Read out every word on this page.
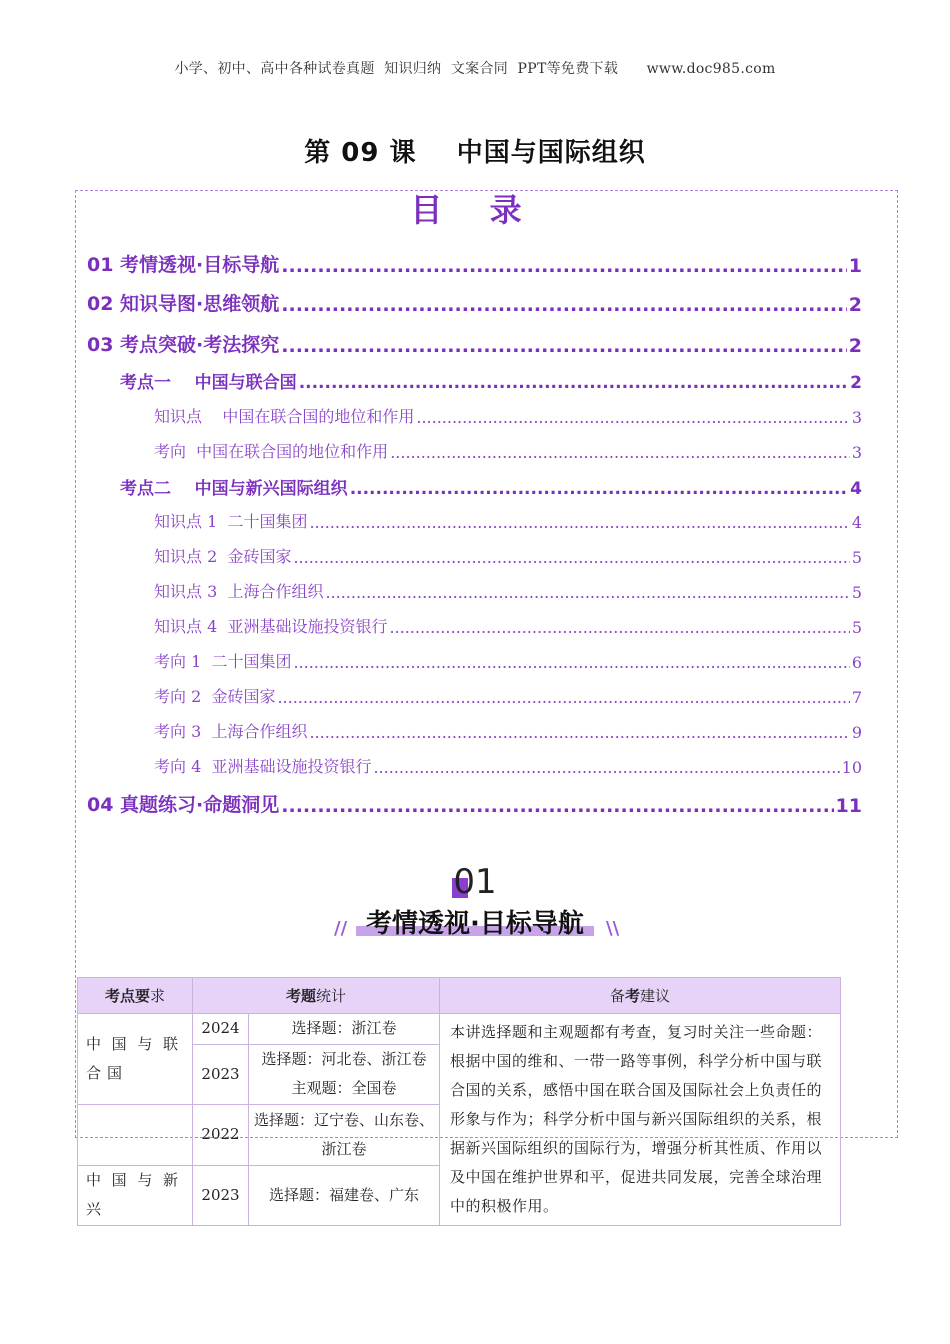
小学、初中、高中各种试卷真题  知识归纳  文案合同  PPT等免费下载      www.doc985.com
第 09 课    中国与国际组织
目 录
01 考情透视·目标导航 .....	1
02 知识导图·思维领航 .....	2
03 考点突破·考法探究 .....	2
考点一    中国与联合国 .....	2
知识点    中国在联合国的地位和作用 .....	3
考向  中国在联合国的地位和作用 .....	3
考点二    中国与新兴国际组织 .....	4
知识点 1  二十国集团 .....	4
知识点 2  金砖国家 .....	5
知识点 3  上海合作组织 .....	5
知识点 4  亚洲基础设施投资银行 .....	5
考向 1  二十国集团 .....	6
考向 2  金砖国家 .....	7
考向 3  上海合作组织 .....	9
考向 4  亚洲基础设施投资银行 .....	10
04 真题练习·命题洞见 .....	11
01
考情透视·目标导航
//	\\
考点要求	考题统计		备考建议
中国与联合国	2024	选择题：浙江卷	本讲选择题和主观题都有考查，复习时关注一些命题：根据中国的维和、一带一路等事例，科学分析中国与联合国的关系，感悟中国在联合国及国际社会上负责任的形象与作为；科学分析中国与新兴国际组织的关系，根据新兴国际组织的国际行为，增强分析其性质、作用以及中国在维护世界和平，促进共同发展，完善全球治理中的积极作用。
	2023	选择题：河北卷、浙江卷
主观题：全国卷	

	2022	选择题：辽宁卷、山东卷、浙江卷	
中国与新兴	2023	选择题：福建卷、广东	
